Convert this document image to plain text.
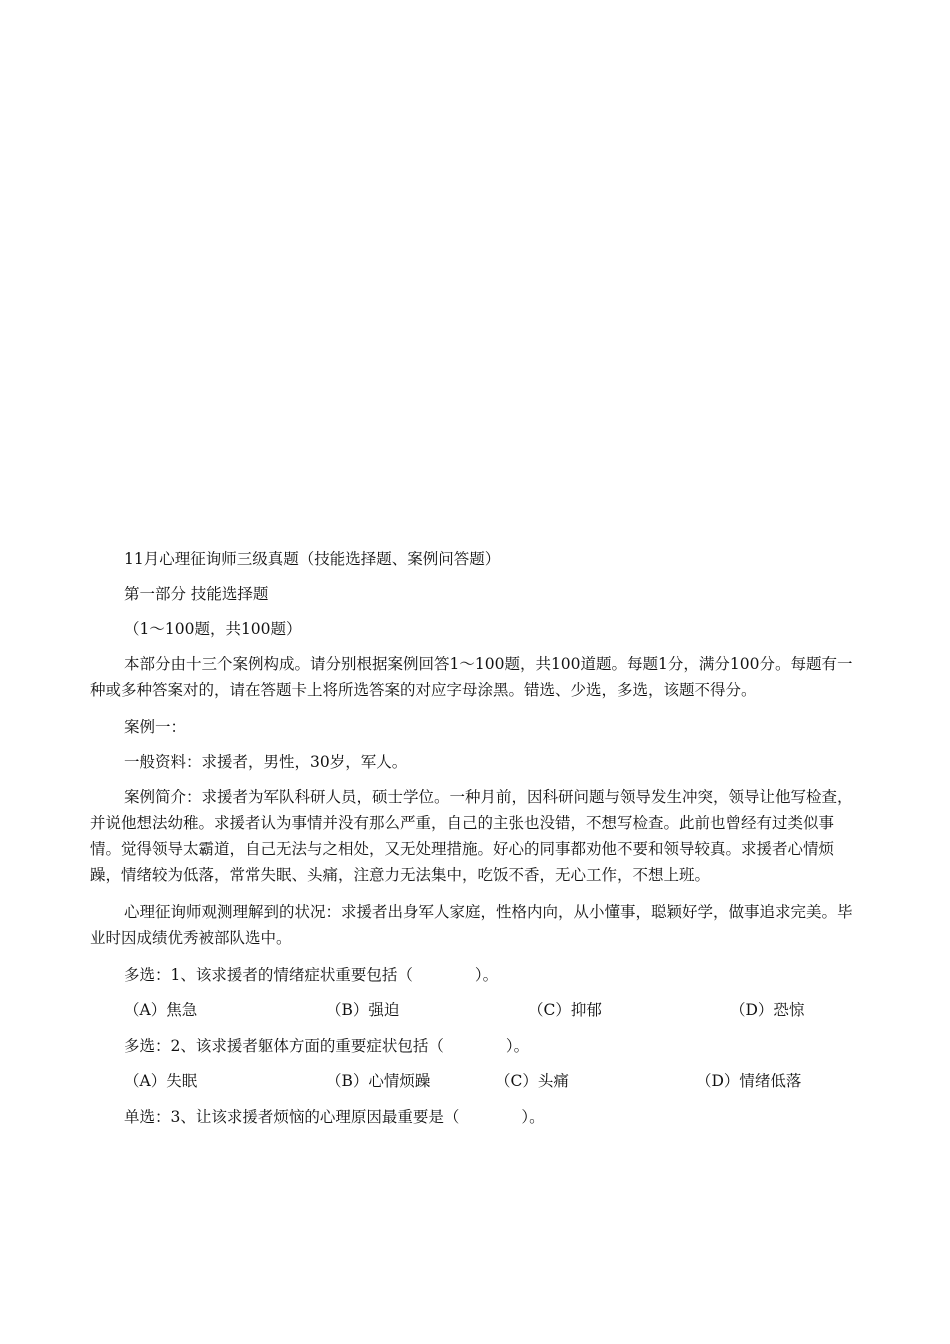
11月心理征询师三级真题（技能选择题、案例问答题）

第一部分 技能选择题

（1～100题，共100题）

本部分由十三个案例构成。请分别根据案例回答1～100题，共100道题。每题1分，满分100分。每题有一种或多种答案对的，请在答题卡上将所选答案的对应字母涂黑。错选、少选，多选，该题不得分。

案例一：

一般资料：求援者，男性，30岁，军人。

案例简介：求援者为军队科研人员，硕士学位。一种月前，因科研问题与领导发生冲突，领导让他写检查，并说他想法幼稚。求援者认为事情并没有那么严重，自己的主张也没错，不想写检查。此前也曾经有过类似事情。觉得领导太霸道，自己无法与之相处，又无处理措施。好心的同事都劝他不要和领导较真。求援者心情烦躁，情绪较为低落，常常失眠、头痛，注意力无法集中，吃饭不香，无心工作，不想上班。

心理征询师观测理解到的状况：求援者出身军人家庭，性格内向，从小懂事，聪颖好学，做事追求完美。毕业时因成绩优秀被部队选中。

多选：1、该求援者的情绪症状重要包括（　　　　）。

（A）焦急	（B）强迫	（C）抑郁	（D）恐惊

多选：2、该求援者躯体方面的重要症状包括（　　　　）。

（A）失眠	（B）心情烦躁	（C）头痛	（D）情绪低落

单选：3、让该求援者烦恼的心理原因最重要是（　　　　）。
